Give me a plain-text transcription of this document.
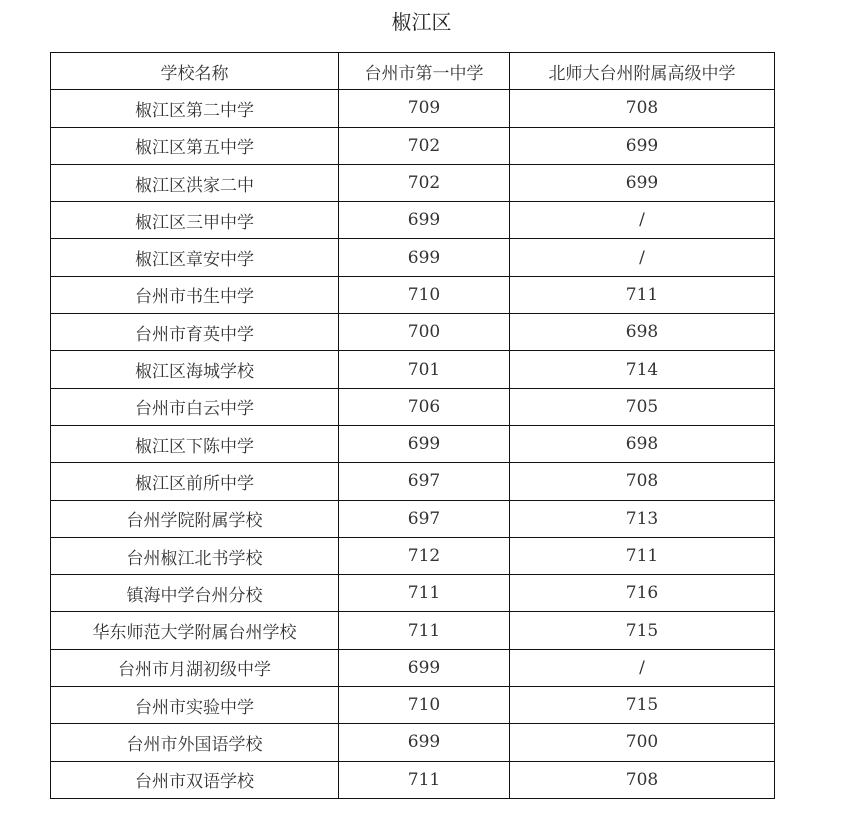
椒江区
学校名称	台州市第一中学	北师大台州附属高级中学
椒江区第二中学	709	708
椒江区第五中学	702	699
椒江区洪家二中	702	699
椒江区三甲中学	699	/
椒江区章安中学	699	/
台州市书生中学	710	711
台州市育英中学	700	698
椒江区海城学校	701	714
台州市白云中学	706	705
椒江区下陈中学	699	698
椒江区前所中学	697	708
台州学院附属学校	697	713
台州椒江北书学校	712	711
镇海中学台州分校	711	716
华东师范大学附属台州学校	711	715
台州市月湖初级中学	699	/
台州市实验中学	710	715
台州市外国语学校	699	700
台州市双语学校	711	708
